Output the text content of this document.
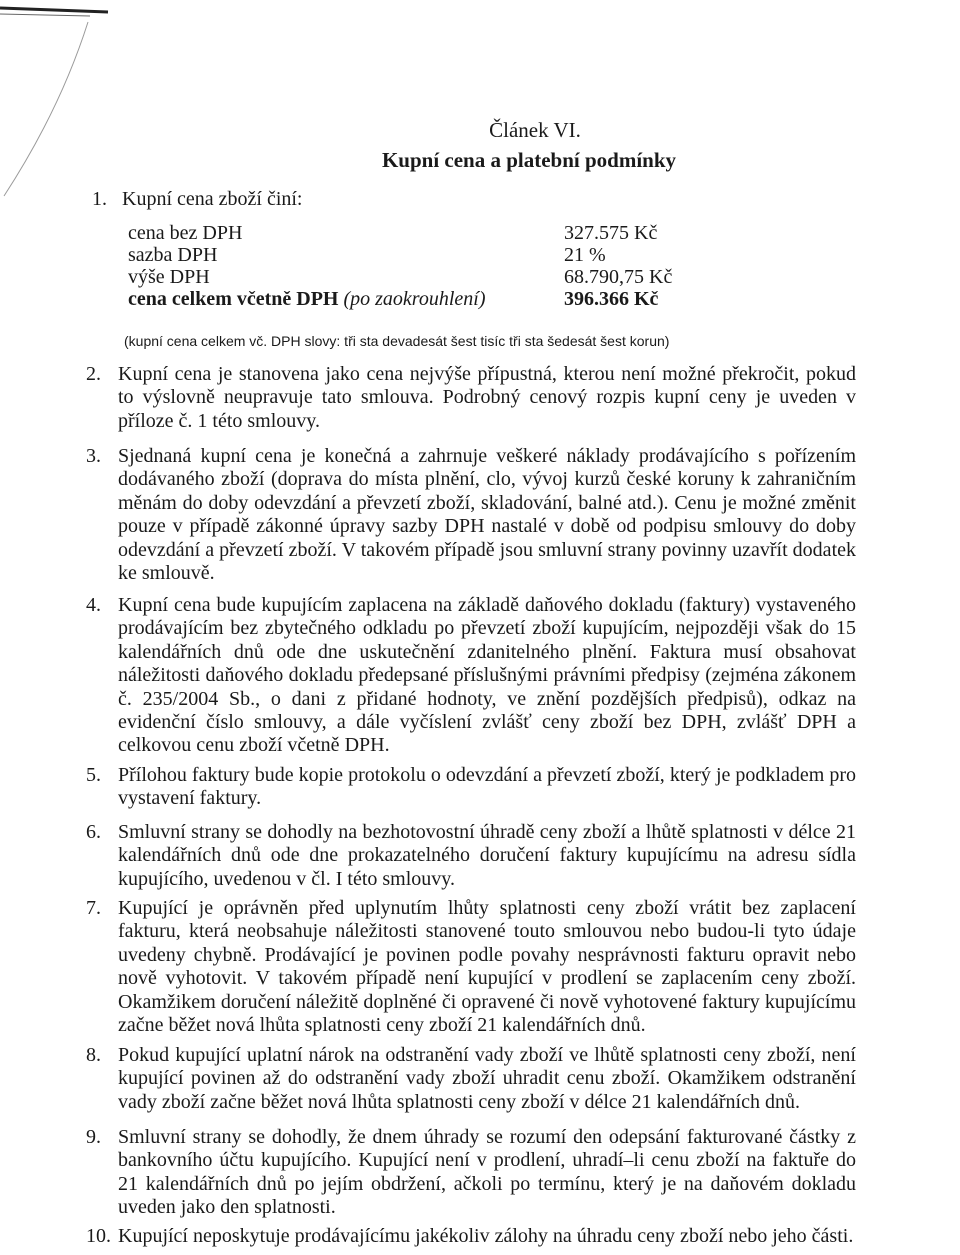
Článek VI.
Kupní cena a platební podmínky
1. Kupní cena zboží činí:
cena bez DPH	327.575 Kč
sazba DPH	21 %
výše DPH	68.790,75 Kč
cena celkem včetně DPH (po zaokrouhlení)	396.366 Kč
(kupní cena celkem vč. DPH slovy: tři sta devadesát šest tisíc tři sta šedesát šest korun)
2. Kupní cena je stanovena jako cena nejvýše přípustná, kterou není možné překročit, pokud to výslovně neupravuje tato smlouva. Podrobný cenový rozpis kupní ceny je uveden v příloze č. 1 této smlouvy.
3. Sjednaná kupní cena je konečná a zahrnuje veškeré náklady prodávajícího s pořízením dodávaného zboží (doprava do místa plnění, clo, vývoj kurzů české koruny k zahraničním měnám do doby odevzdání a převzetí zboží, skladování, balné atd.). Cenu je možné změnit pouze v případě zákonné úpravy sazby DPH nastalé v době od podpisu smlouvy do doby odevzdání a převzetí zboží. V takovém případě jsou smluvní strany povinny uzavřít dodatek ke smlouvě.
4. Kupní cena bude kupujícím zaplacena na základě daňového dokladu (faktury) vystaveného prodávajícím bez zbytečného odkladu po převzetí zboží kupujícím, nejpozději však do 15 kalendářních dnů ode dne uskutečnění zdanitelného plnění. Faktura musí obsahovat náležitosti daňového dokladu předepsané příslušnými právními předpisy (zejména zákonem č. 235/2004 Sb., o dani z přidané hodnoty, ve znění pozdějších předpisů), odkaz na evidenční číslo smlouvy, a dále vyčíslení zvlášť ceny zboží bez DPH, zvlášť DPH a celkovou cenu zboží včetně DPH.
5. Přílohou faktury bude kopie protokolu o odevzdání a převzetí zboží, který je podkladem pro vystavení faktury.
6. Smluvní strany se dohodly na bezhotovostní úhradě ceny zboží a lhůtě splatnosti v délce 21 kalendářních dnů ode dne prokazatelného doručení faktury kupujícímu na adresu sídla kupujícího, uvedenou v čl. I této smlouvy.
7. Kupující je oprávněn před uplynutím lhůty splatnosti ceny zboží vrátit bez zaplacení fakturu, která neobsahuje náležitosti stanovené touto smlouvou nebo budou-li tyto údaje uvedeny chybně. Prodávající je povinen podle povahy nesprávnosti fakturu opravit nebo nově vyhotovit. V takovém případě není kupující v prodlení se zaplacením ceny zboží. Okamžikem doručení náležitě doplněné či opravené či nově vyhotovené faktury kupujícímu začne běžet nová lhůta splatnosti ceny zboží 21 kalendářních dnů.
8. Pokud kupující uplatní nárok na odstranění vady zboží ve lhůtě splatnosti ceny zboží, není kupující povinen až do odstranění vady zboží uhradit cenu zboží. Okamžikem odstranění vady zboží začne běžet nová lhůta splatnosti ceny zboží v délce 21 kalendářních dnů.
9. Smluvní strany se dohodly, že dnem úhrady se rozumí den odepsání fakturované částky z bankovního účtu kupujícího. Kupující není v prodlení, uhradí–li cenu zboží na faktuře do 21 kalendářních dnů po jejím obdržení, ačkoli po termínu, který je na daňovém dokladu uveden jako den splatnosti.
10. Kupující neposkytuje prodávajícímu jakékoliv zálohy na úhradu ceny zboží nebo jeho části.
